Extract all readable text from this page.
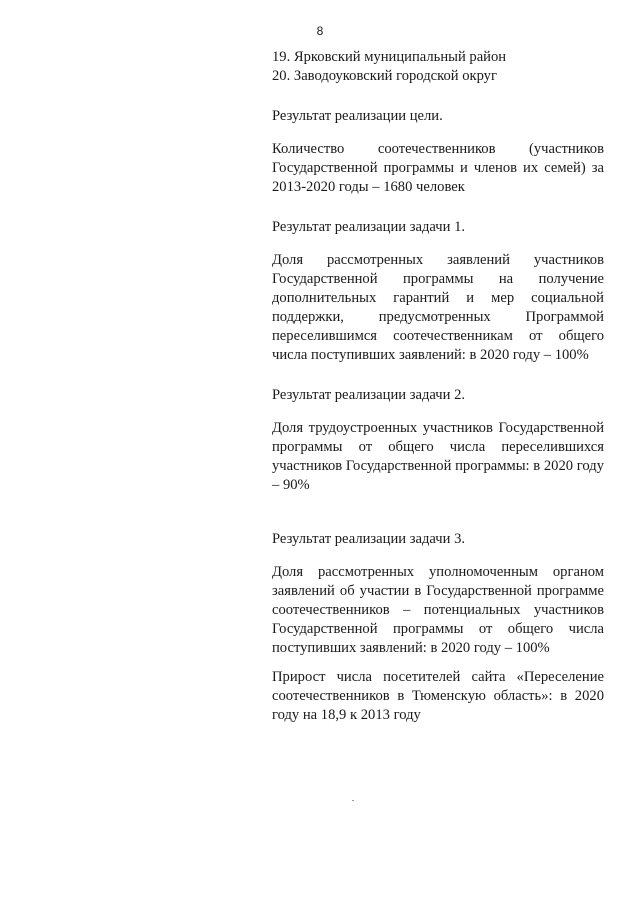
8

19. Ярковский муниципальный район

20. Заводоуковский городской округ

Результат реализации цели.

Количество соотечественников (участников Государственной программы и членов их семей) за 2013-2020 годы – 1680 человек

Результат реализации задачи 1.

Доля рассмотренных заявлений участников Государственной программы на получение дополнительных гарантий и мер социальной поддержки, предусмотренных Программой переселившимся соотечественникам от общего числа поступивших заявлений: в 2020 году – 100%

Результат реализации задачи 2.

Доля трудоустроенных участников Государственной программы от общего числа переселившихся участников Государственной программы: в 2020 году – 90%

Результат реализации задачи 3.

Доля рассмотренных уполномоченным органом заявлений об участии в Государственной программе соотечественников – потенциальных участников Государственной программы от общего числа поступивших заявлений: в 2020 году – 100%

Прирост числа посетителей сайта «Переселение соотечественников в Тюменскую область»: в 2020 году на 18,9 к 2013 году
